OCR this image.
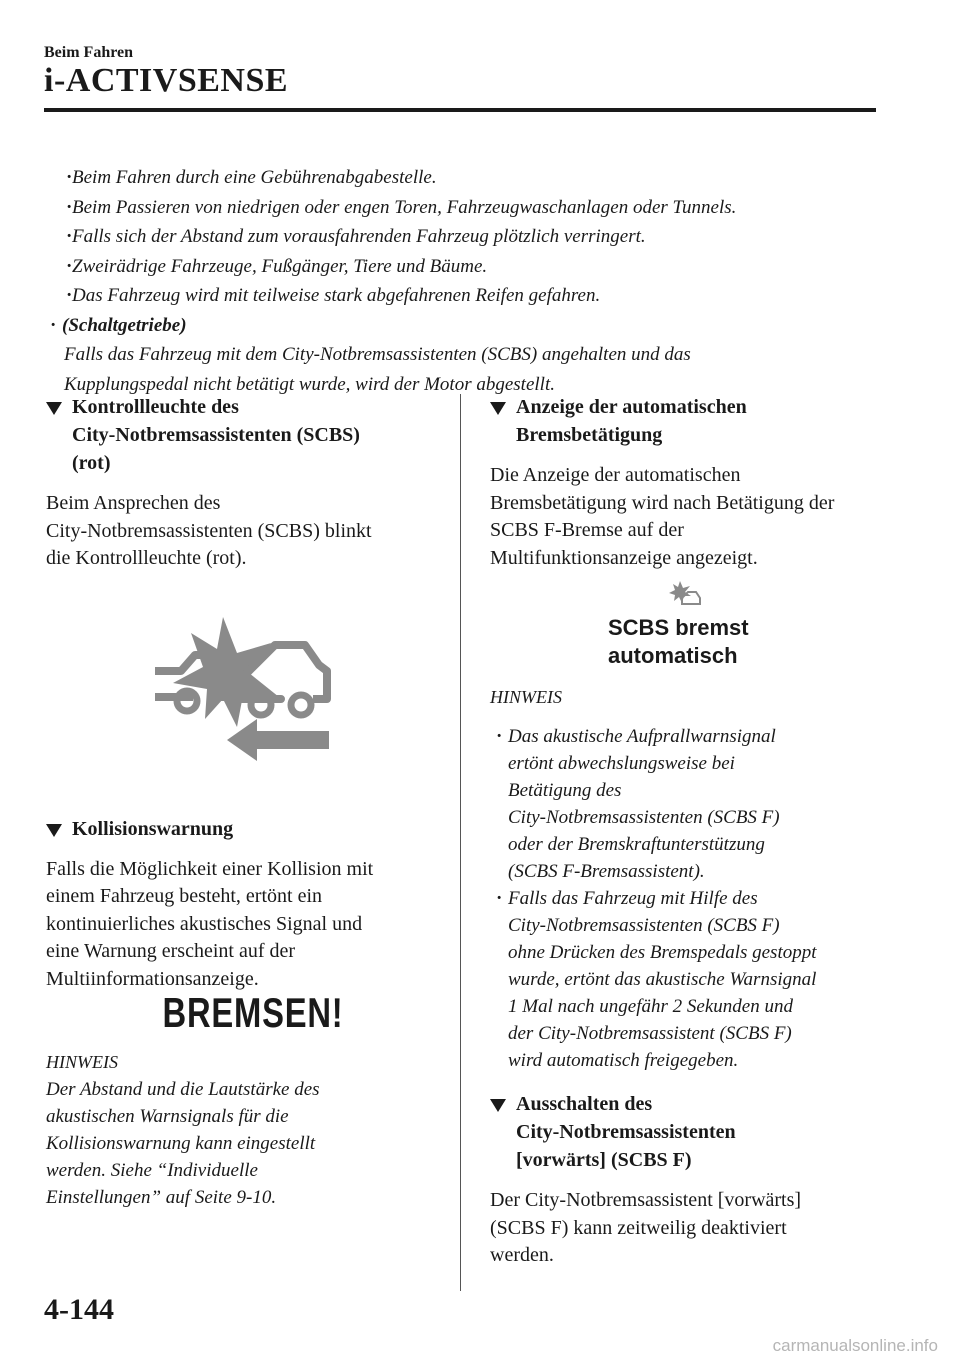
Beim Fahren
i-ACTIVSENSE
· Beim Fahren durch eine Gebührenabgabestelle.
· Beim Passieren von niedrigen oder engen Toren, Fahrzeugwaschanlagen oder Tunnels.
· Falls sich der Abstand zum vorausfahrenden Fahrzeug plötzlich verringert.
· Zweirädrige Fahrzeuge, Fußgänger, Tiere und Bäume.
· Das Fahrzeug wird mit teilweise stark abgefahrenen Reifen gefahren.
· (Schaltgetriebe)
Falls das Fahrzeug mit dem City-Notbremsassistenten (SCBS) angehalten und das
Kupplungspedal nicht betätigt wurde, wird der Motor abgestellt.
Kontrollleuchte des
City-Notbremsassistenten (SCBS)
(rot)
Beim Ansprechen des
City-Notbremsassistenten (SCBS) blinkt
die Kontrollleuchte (rot).
Kollisionswarnung
Falls die Möglichkeit einer Kollision mit
einem Fahrzeug besteht, ertönt ein
kontinuierliches akustisches Signal und
eine Warnung erscheint auf der
Multiinformationsanzeige.
BREMSEN!
HINWEIS
Der Abstand und die Lautstärke des
akustischen Warnsignals für die
Kollisionswarnung kann eingestellt
werden. Siehe “Individuelle
Einstellungen” auf Seite 9-10.
Anzeige der automatischen
Bremsbetätigung
Die Anzeige der automatischen
Bremsbetätigung wird nach Betätigung der
SCBS F-Bremse auf der
Multifunktionsanzeige angezeigt.
SCBS bremst
automatisch
HINWEIS
· Das akustische Aufprallwarnsignal
ertönt abwechslungsweise bei
Betätigung des
City-Notbremsassistenten (SCBS F)
oder der Bremskraftunterstützung
(SCBS F-Bremsassistent).
· Falls das Fahrzeug mit Hilfe des
City-Notbremsassistenten (SCBS F)
ohne Drücken des Bremspedals gestoppt
wurde, ertönt das akustische Warnsignal
1 Mal nach ungefähr 2 Sekunden und
der City-Notbremsassistent (SCBS F)
wird automatisch freigegeben.
Ausschalten des
City-Notbremsassistenten
[vorwärts] (SCBS F)
Der City-Notbremsassistent [vorwärts]
(SCBS F) kann zeitweilig deaktiviert
werden.
4-144
carmanualsonline.info
